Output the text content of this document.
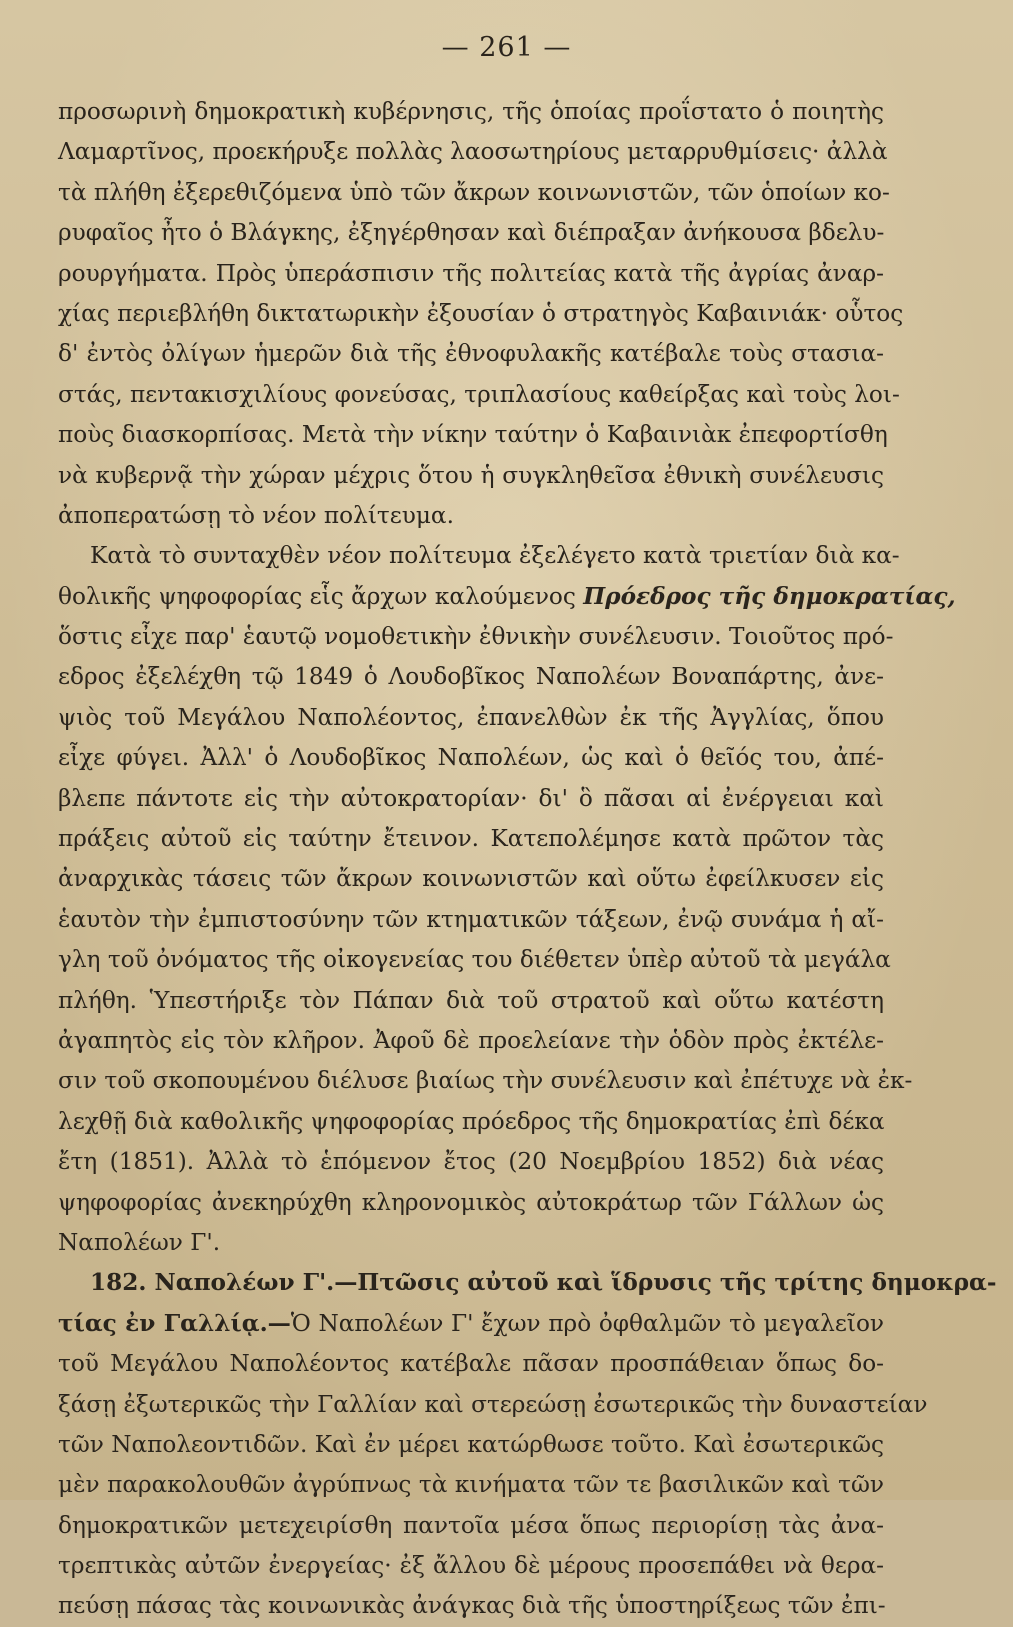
— 261 —
προσωρινὴ δημοκρατικὴ κυβέρνησις, τῆς ὁποίας προΐστατο ὁ ποιητὴς
Λαμαρτῖνος, προεκήρυξε πολλὰς λαοσωτηρίους μεταρρυθμίσεις· ἀλλὰ
τὰ πλήθη ἐξερεθιζόμενα ὑπὸ τῶν ἄκρων κοινωνιστῶν, τῶν ὁποίων κο-
ρυφαῖος ἦτο ὁ Βλάγκης, ἐξηγέρθησαν καὶ διέπραξαν ἀνήκουσα βδελυ-
ρουργήματα. Πρὸς ὑπεράσπισιν τῆς πολιτείας κατὰ τῆς ἀγρίας ἀναρ-
χίας περιεβλήθη δικτατωρικὴν ἐξουσίαν ὁ στρατηγὸς Καβαινιάκ· οὗτος
δ' ἐντὸς ὀλίγων ἡμερῶν διὰ τῆς ἐθνοφυλακῆς κατέβαλε τοὺς στασια-
στάς, πεντακισχιλίους φονεύσας, τριπλασίους καθείρξας καὶ τοὺς λοι-
ποὺς διασκορπίσας. Μετὰ τὴν νίκην ταύτην ὁ Καβαινιὰκ ἐπεφορτίσθη
νὰ κυβερνᾷ τὴν χώραν μέχρις ὅτου ἡ συγκληθεῖσα ἐθνικὴ συνέλευσις
ἀποπερατώσῃ τὸ νέον πολίτευμα.
Κατὰ τὸ συνταχθὲν νέον πολίτευμα ἐξελέγετο κατὰ τριετίαν διὰ κα-
θολικῆς ψηφοφορίας εἷς ἄρχων καλούμενος Πρόεδρος τῆς δημοκρατίας,
ὅστις εἶχε παρ' ἑαυτῷ νομοθετικὴν ἐθνικὴν συνέλευσιν. Τοιοῦτος πρό-
εδρος ἐξελέχθη τῷ 1849 ὁ Λουδοβῖκος Ναπολέων Βοναπάρτης, ἀνε-
ψιὸς τοῦ Μεγάλου Ναπολέοντος, ἐπανελθὼν ἐκ τῆς Ἀγγλίας, ὅπου
εἶχε φύγει. Ἀλλ' ὁ Λουδοβῖκος Ναπολέων, ὡς καὶ ὁ θεῖός του, ἀπέ-
βλεπε πάντοτε εἰς τὴν αὐτοκρατορίαν· δι' ὃ πᾶσαι αἱ ἐνέργειαι καὶ
πράξεις αὐτοῦ εἰς ταύτην ἔτεινον. Κατεπολέμησε κατὰ πρῶτον τὰς
ἀναρχικὰς τάσεις τῶν ἄκρων κοινωνιστῶν καὶ οὕτω ἐφείλκυσεν εἰς
ἑαυτὸν τὴν ἐμπιστοσύνην τῶν κτηματικῶν τάξεων, ἐνῷ συνάμα ἡ αἴ-
γλη τοῦ ὀνόματος τῆς οἰκογενείας του διέθετεν ὑπὲρ αὐτοῦ τὰ μεγάλα
πλήθη. Ὑπεστήριξε τὸν Πάπαν διὰ τοῦ στρατοῦ καὶ οὕτω κατέστη
ἀγαπητὸς εἰς τὸν κλῆρον. Ἀφοῦ δὲ προελείανε τὴν ὁδὸν πρὸς ἐκτέλε-
σιν τοῦ σκοπουμένου διέλυσε βιαίως τὴν συνέλευσιν καὶ ἐπέτυχε νὰ ἐκ-
λεχθῇ διὰ καθολικῆς ψηφοφορίας πρόεδρος τῆς δημοκρατίας ἐπὶ δέκα
ἔτη (1851). Ἀλλὰ τὸ ἑπόμενον ἔτος (20 Νοεμβρίου 1852) διὰ νέας
ψηφοφορίας ἀνεκηρύχθη κληρονομικὸς αὐτοκράτωρ τῶν Γάλλων ὡς
Ναπολέων Γ'.
182. Ναπολέων Γ'.—Πτῶσις αὐτοῦ καὶ ἵδρυσις τῆς τρίτης δημοκρα-
τίας ἐν Γαλλίᾳ.—Ὁ Ναπολέων Γ' ἔχων πρὸ ὀφθαλμῶν τὸ μεγαλεῖον
τοῦ Μεγάλου Ναπολέοντος κατέβαλε πᾶσαν προσπάθειαν ὅπως δο-
ξάσῃ ἐξωτερικῶς τὴν Γαλλίαν καὶ στερεώσῃ ἐσωτερικῶς τὴν δυναστείαν
τῶν Ναπολεοντιδῶν. Καὶ ἐν μέρει κατώρθωσε τοῦτο. Καὶ ἐσωτερικῶς
μὲν παρακολουθῶν ἀγρύπνως τὰ κινήματα τῶν τε βασιλικῶν καὶ τῶν
δημοκρατικῶν μετεχειρίσθη παντοῖα μέσα ὅπως περιορίσῃ τὰς ἀνα-
τρεπτικὰς αὐτῶν ἐνεργείας· ἐξ ἄλλου δὲ μέρους προσεπάθει νὰ θερα-
πεύσῃ πάσας τὰς κοινωνικὰς ἀνάγκας διὰ τῆς ὑποστηρίξεως τῶν ἐπι-
